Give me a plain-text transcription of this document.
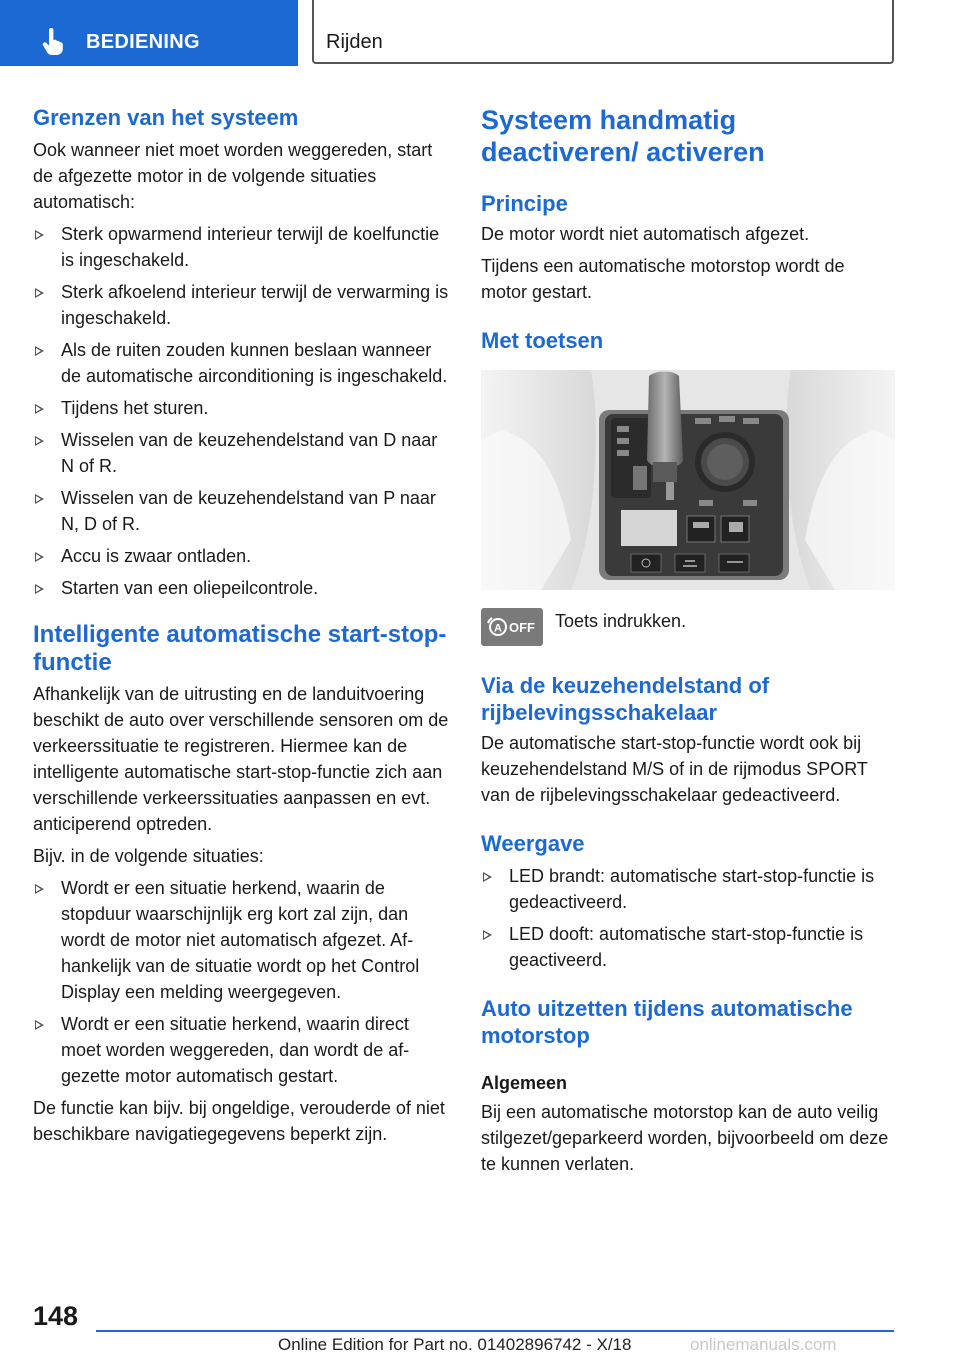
BEDIENING	Rijden
Grenzen van het systeem

Ook wanneer niet moet worden weggereden, start de afgezette motor in de volgende situaties automatisch:

Sterk opwarmend interieur terwijl de koelfunctie is ingeschakeld.
Sterk afkoelend interieur terwijl de verwarming is ingeschakeld.
Als de ruiten zouden kunnen beslaan wanneer de automatische airconditioning is ingeschakeld.
Tijdens het sturen.
Wisselen van de keuzehendelstand van D naar N of R.
Wisselen van de keuzehendelstand van P naar N, D of R.
Accu is zwaar ontladen.
Starten van een oliepeilcontrole.
Intelligente automatische start-stop-functie

Afhankelijk van de uitrusting en de landuitvoering beschikt de auto over verschillende sensoren om de verkeerssituatie te registreren. Hiermee kan de intelligente automatische start-stop-functie zich aan verschillende verkeerssituaties aanpassen en evt. anticiperend optreden.

Bijv. in de volgende situaties:

Wordt er een situatie herkend, waarin de stopduur waarschijnlijk erg kort zal zijn, dan wordt de motor niet automatisch afgezet. Afhankelijk van de situatie wordt op het Control Display een melding weergegeven.
Wordt er een situatie herkend, waarin direct moet worden weggereden, dan wordt de afgezette motor automatisch gestart.

De functie kan bijv. bij ongeldige, verouderde of niet beschikbare navigatiegegevens beperkt zijn.

Systeem handmatig deactiveren/ activeren
Principe

De motor wordt niet automatisch afgezet.

Tijdens een automatische motorstop wordt de motor gestart.

Met toetsen
A OFF Toets indrukken.

Via de keuzehendelstand of rijbelevingsschakelaar

De automatische start-stop-functie wordt ook bij keuzehendelstand M/S of in de rijmodus SPORT van de rijbelevingsschakelaar gedeactiveerd.

Weergave
LED brandt: automatische start-stop-functie is gedeactiveerd.
LED dooft: automatische start-stop-functie is geactiveerd.
Auto uitzetten tijdens automatische motorstop
Algemeen

Bij een automatische motorstop kan de auto veilig stilgezet/geparkeerd worden, bijvoorbeeld om deze te kunnen verlaten.

148
Online Edition for Part no. 01402896742 - X/18	onlinemanuals.com
